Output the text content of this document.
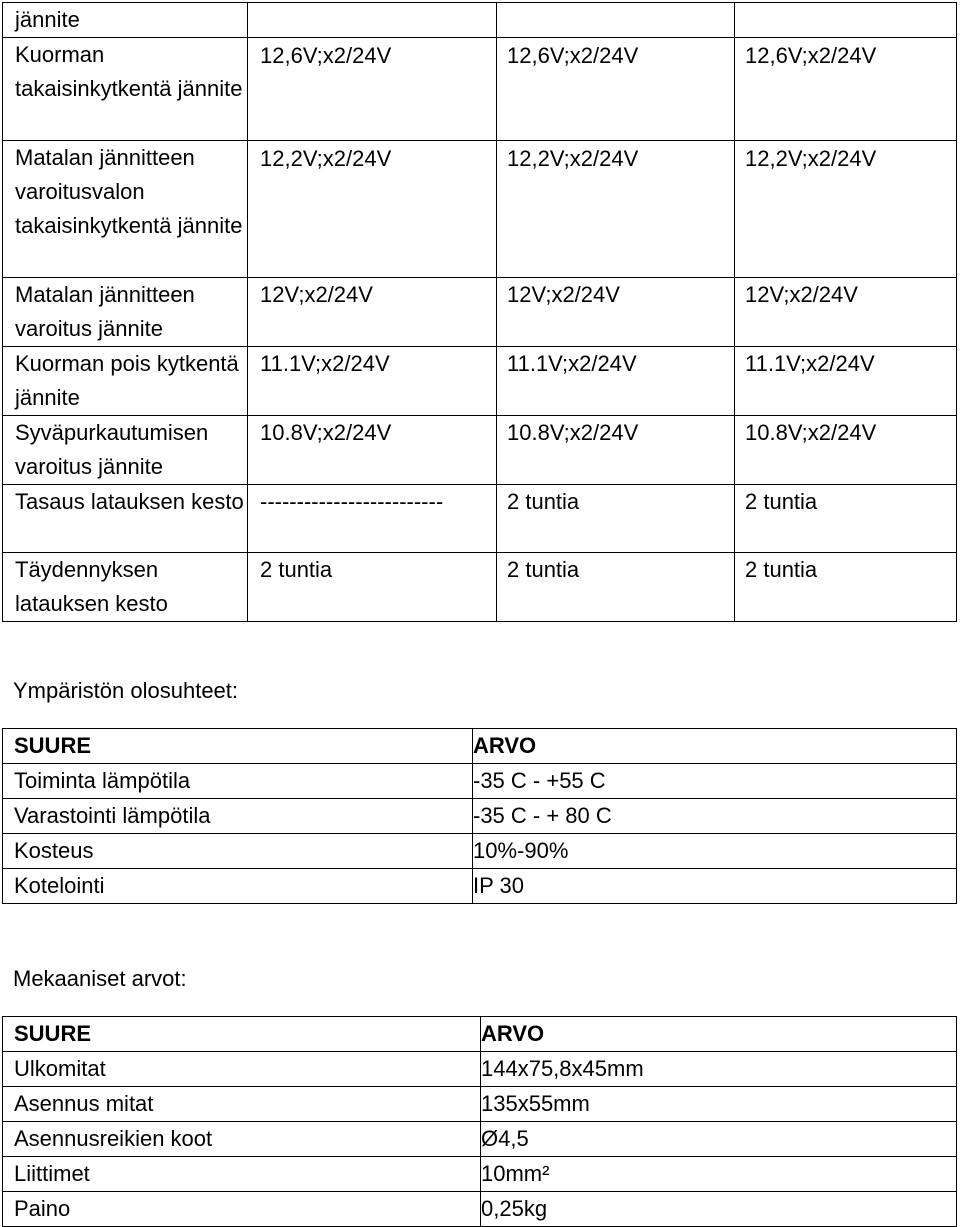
jännite			
Kuorman takaisinkytkentä jännite	12,6V;x2/24V	12,6V;x2/24V	12,6V;x2/24V
Matalan jännitteen varoitusvalon takaisinkytkentä jännite	12,2V;x2/24V	12,2V;x2/24V	12,2V;x2/24V
Matalan jännitteen varoitus jännite	12V;x2/24V	12V;x2/24V	12V;x2/24V
Kuorman pois kytkentä jännite	11.1V;x2/24V	11.1V;x2/24V	11.1V;x2/24V
Syväpurkautumisen varoitus jännite	10.8V;x2/24V	10.8V;x2/24V	10.8V;x2/24V
Tasaus latauksen kesto	-------------------------	2 tuntia	2 tuntia
Täydennyksen latauksen kesto	2 tuntia	2 tuntia	2 tuntia
Ympäristön olosuhteet:
SUURE	ARVO
Toiminta lämpötila	-35 C - +55 C
Varastointi lämpötila	-35 C - + 80 C
Kosteus	10%-90%
Kotelointi	IP 30
Mekaaniset arvot:
SUURE	ARVO
Ulkomitat	144x75,8x45mm
Asennus mitat	135x55mm
Asennusreikien koot	Ø4,5
Liittimet	10mm²
Paino	0,25kg
